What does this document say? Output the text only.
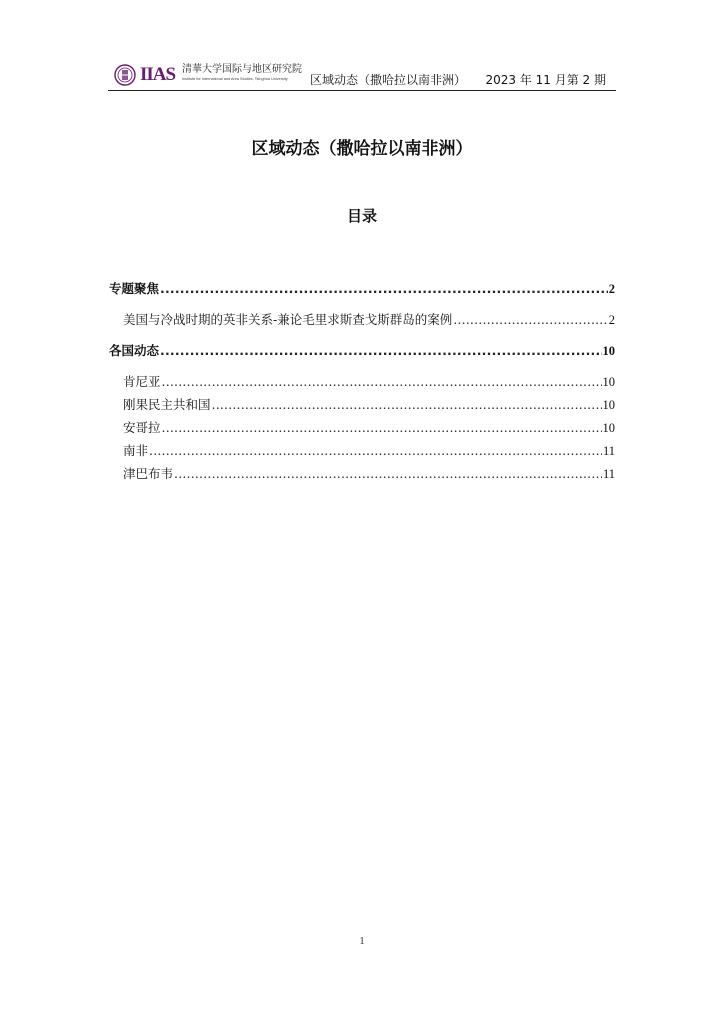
IIAS 清華大学国际与地区研究院
Institute for International and Area Studies, Tsinghua University 区域动态（撒哈拉以南非洲） 2023 年 11 月第 2 期
区域动态（撒哈拉以南非洲）
目录
专题聚焦 .....	2
美国与冷战时期的英非关系-兼论毛里求斯查戈斯群岛的案例 .....	2
各国动态 .....	10
肯尼亚 .....	10
刚果民主共和国 .....	10
安哥拉 .....	10
南非 .....	11
津巴布韦 .....	11
1
